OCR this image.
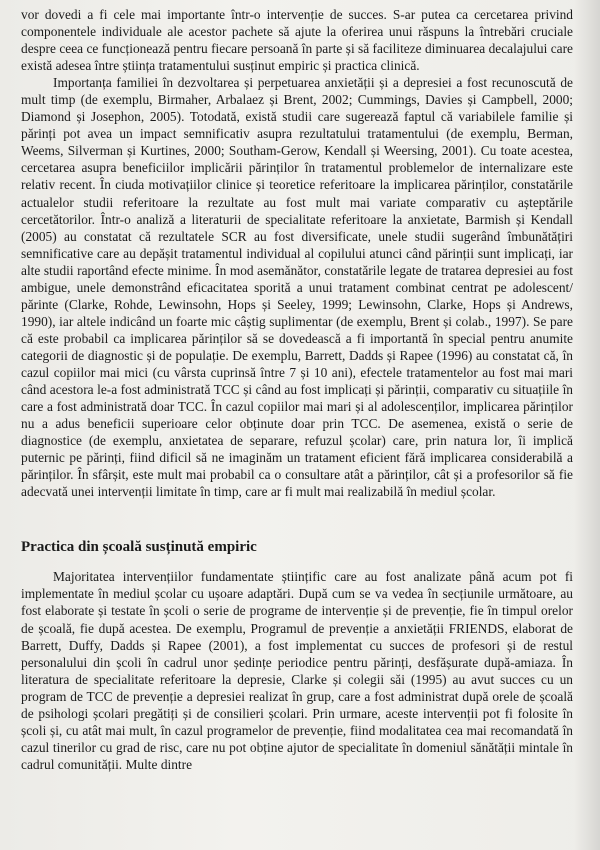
vor dovedi a fi cele mai importante într-o intervenție de succes. S-ar putea ca cercetarea privind componentele individuale ale acestor pachete să ajute la oferirea unui răspuns la întrebări cruciale despre ceea ce funcționează pentru fiecare persoană în parte și să faciliteze diminuarea decalajului care există adesea între știința tratamentului susținut empiric și practica clinică.

Importanța familiei în dezvoltarea și perpetuarea anxietății și a depresiei a fost recunoscută de mult timp (de exemplu, Birmaher, Arbalaez și Brent, 2002; Cummings, Davies și Campbell, 2000; Diamond și Josephon, 2005). Totodată, există studii care sugerează faptul că variabilele familie și părinți pot avea un impact semnificativ asupra rezultatului tratamentului (de exemplu, Berman, Weems, Silverman și Kurtines, 2000; Southam-Gerow, Kendall și Weersing, 2001). Cu toate acestea, cercetarea asupra beneficiilor implicării părinților în tratamentul problemelor de internalizare este relativ recent. În ciuda motivațiilor clinice și teoretice referitoare la implicarea părinților, constatările actualelor studii referitoare la rezultate au fost mult mai variate comparativ cu așteptările cercetătorilor. Într-o analiză a literaturii de specialitate referitoare la anxietate, Barmish și Kendall (2005) au constatat că rezultatele SCR au fost diversificate, unele studii sugerând îmbunătățiri semnificative care au depășit tratamentul individual al copilului atunci când părinții sunt implicați, iar alte studii raportând efecte minime. În mod asemănător, constatările legate de tratarea depresiei au fost ambigue, unele demonstrând eficacitatea sporită a unui tratament combinat centrat pe adolescent/ părinte (Clarke, Rohde, Lewinsohn, Hops și Seeley, 1999; Lewinsohn, Clarke, Hops și Andrews, 1990), iar altele indicând un foarte mic câștig suplimentar (de exemplu, Brent și colab., 1997). Se pare că este probabil ca implicarea părinților să se dovedească a fi importantă în special pentru anumite categorii de diagnostic și de populație. De exemplu, Barrett, Dadds și Rapee (1996) au constatat că, în cazul copiilor mai mici (cu vârsta cuprinsă între 7 și 10 ani), efectele tratamentelor au fost mai mari când acestora le-a fost administrată TCC și când au fost implicați și părinții, comparativ cu situațiile în care a fost administrată doar TCC. În cazul copiilor mai mari și al adolescenților, implicarea părinților nu a adus beneficii superioare celor obținute doar prin TCC. De asemenea, există o serie de diagnostice (de exemplu, anxietatea de separare, refuzul școlar) care, prin natura lor, îi implică puternic pe părinți, fiind dificil să ne imaginăm un tratament eficient fără implicarea considerabilă a părinților. În sfârșit, este mult mai probabil ca o consultare atât a părinților, cât și a profesorilor să fie adecvată unei intervenții limitate în timp, care ar fi mult mai realizabilă în mediul școlar.

Practica din școală susținută empiric

Majoritatea intervențiilor fundamentate științific care au fost analizate până acum pot fi implementate în mediul școlar cu ușoare adaptări. După cum se va vedea în secțiunile următoare, au fost elaborate și testate în școli o serie de programe de intervenție și de prevenție, fie în timpul orelor de școală, fie după acestea. De exemplu, Programul de prevenție a anxietății FRIENDS, elaborat de Barrett, Duffy, Dadds și Rapee (2001), a fost implementat cu succes de profesori și de restul personalului din școli în cadrul unor ședințe periodice pentru părinți, desfășurate după-amiaza. În literatura de specialitate referitoare la depresie, Clarke și colegii săi (1995) au avut succes cu un program de TCC de prevenție a depresiei realizat în grup, care a fost administrat după orele de școală de psihologi școlari pregătiți și de consilieri școlari. Prin urmare, aceste intervenții pot fi folosite în școli și, cu atât mai mult, în cazul programelor de prevenție, fiind modalitatea cea mai recomandată în cazul tinerilor cu grad de risc, care nu pot obține ajutor de specialitate în domeniul sănătății mintale în cadrul comunității. Multe dintre
